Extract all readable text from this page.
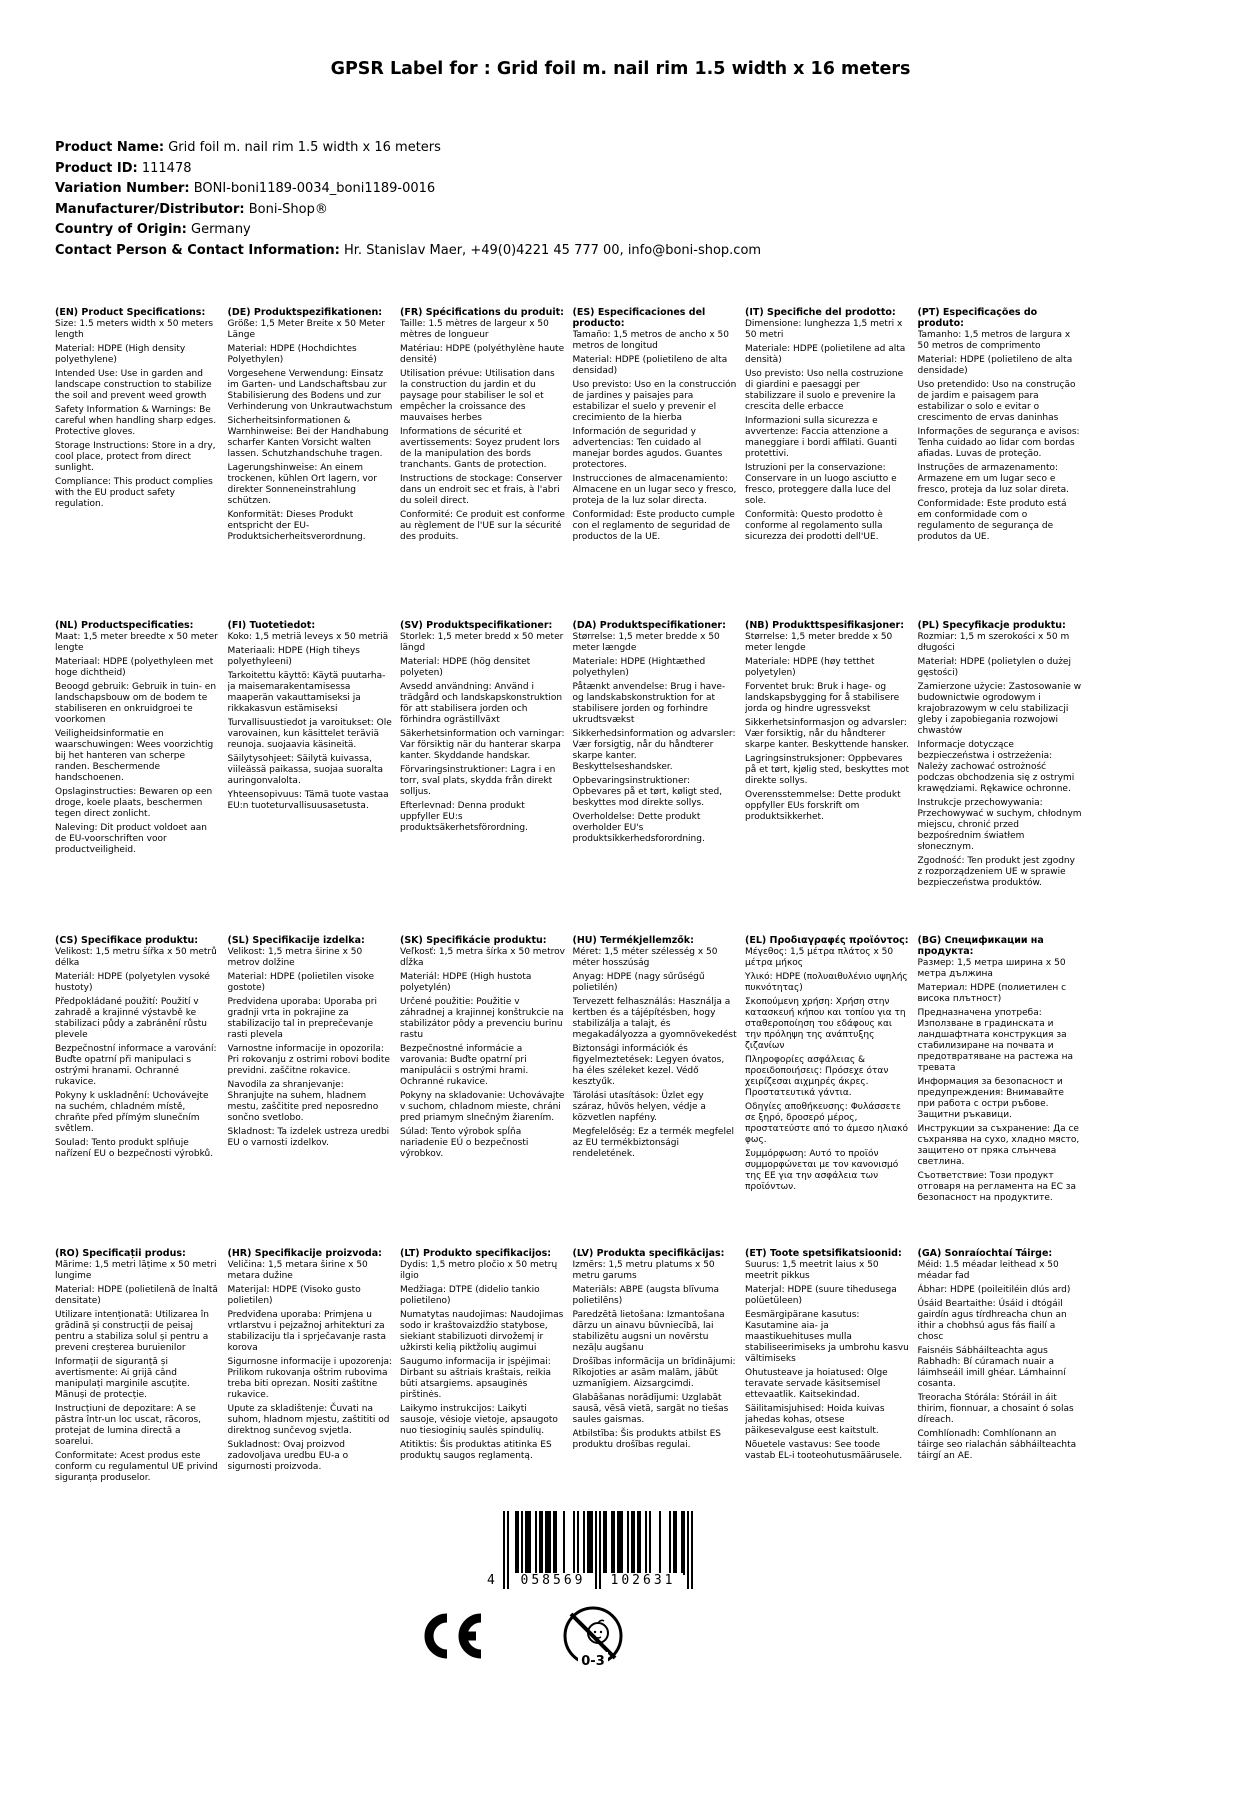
GPSR Label for : Grid foil m. nail rim 1.5 width x 16 meters
Product Name: Grid foil m. nail rim 1.5 width x 16 meters
Product ID: 111478
Variation Number: BONI-boni1189-0034_boni1189-0016
Manufacturer/Distributor: Boni-Shop®
Country of Origin: Germany
Contact Person & Contact Information: Hr. Stanislav Maer, +49(0)4221 45 777 00, info@boni-shop.com
(EN) Product Specifications:

Size: 1.5 meters width x 50 meters length

Material: HDPE (High density polyethylene)

Intended Use: Use in garden and landscape construction to stabilize the soil and prevent weed growth

Safety Information & Warnings: Be careful when handling sharp edges. Protective gloves.

Storage Instructions: Store in a dry, cool place, protect from direct sunlight.

Compliance: This product complies with the EU product safety regulation.

(DE) Produktspezifikationen:

Größe: 1,5 Meter Breite x 50 Meter Länge

Material: HDPE (Hochdichtes Polyethylen)

Vorgesehene Verwendung: Einsatz im Garten- und Landschaftsbau zur Stabilisierung des Bodens und zur Verhinderung von Unkrautwachstum

Sicherheitsinformationen & Warnhinweise: Bei der Handhabung scharfer Kanten Vorsicht walten lassen. Schutzhandschuhe tragen.

Lagerungshinweise: An einem trockenen, kühlen Ort lagern, vor direkter Sonneneinstrahlung schützen.

Konformität: Dieses Produkt entspricht der EU-Produktsicherheitsverordnung.

(FR) Spécifications du produit:

Taille: 1.5 mètres de largeur x 50 mètres de longueur

Matériau: HDPE (polyéthylène haute densité)

Utilisation prévue: Utilisation dans la construction du jardin et du paysage pour stabiliser le sol et empêcher la croissance des mauvaises herbes

Informations de sécurité et avertissements: Soyez prudent lors de la manipulation des bords tranchants. Gants de protection.

Instructions de stockage: Conserver dans un endroit sec et frais, à l'abri du soleil direct.

Conformité: Ce produit est conforme au règlement de l'UE sur la sécurité des produits.

(ES) Especificaciones del producto:

Tamaño: 1,5 metros de ancho x 50 metros de longitud

Material: HDPE (polietileno de alta densidad)

Uso previsto: Uso en la construcción de jardines y paisajes para estabilizar el suelo y prevenir el crecimiento de la hierba

Información de seguridad y advertencias: Ten cuidado al manejar bordes agudos. Guantes protectores.

Instrucciones de almacenamiento: Almacene en un lugar seco y fresco, proteja de la luz solar directa.

Conformidad: Este producto cumple con el reglamento de seguridad de productos de la UE.

(IT) Specifiche del prodotto:

Dimensione: lunghezza 1,5 metri x 50 metri

Materiale: HDPE (polietilene ad alta densità)

Uso previsto: Uso nella costruzione di giardini e paesaggi per stabilizzare il suolo e prevenire la crescita delle erbacce

Informazioni sulla sicurezza e avvertenze: Faccia attenzione a maneggiare i bordi affilati. Guanti protettivi.

Istruzioni per la conservazione: Conservare in un luogo asciutto e fresco, proteggere dalla luce del sole.

Conformità: Questo prodotto è conforme al regolamento sulla sicurezza dei prodotti dell'UE.

(PT) Especificações do produto:

Tamanho: 1,5 metros de largura x 50 metros de comprimento

Material: HDPE (polietileno de alta densidade)

Uso pretendido: Uso na construção de jardim e paisagem para estabilizar o solo e evitar o crescimento de ervas daninhas

Informações de segurança e avisos: Tenha cuidado ao lidar com bordas afiadas. Luvas de proteção.

Instruções de armazenamento: Armazene em um lugar seco e fresco, proteja da luz solar direta.

Conformidade: Este produto está em conformidade com o regulamento de segurança de produtos da UE.

(NL) Productspecificaties:

Maat: 1,5 meter breedte x 50 meter lengte

Materiaal: HDPE (polyethyleen met hoge dichtheid)

Beoogd gebruik: Gebruik in tuin- en landschapsbouw om de bodem te stabiliseren en onkruidgroei te voorkomen

Veiligheidsinformatie en waarschuwingen: Wees voorzichtig bij het hanteren van scherpe randen. Beschermende handschoenen.

Opslaginstructies: Bewaren op een droge, koele plaats, beschermen tegen direct zonlicht.

Naleving: Dit product voldoet aan de EU-voorschriften voor productveiligheid.

(FI) Tuotetiedot:

Koko: 1,5 metriä leveys x 50 metriä

Materiaali: HDPE (High tiheys polyethyleeni)

Tarkoitettu käyttö: Käytä puutarha- ja maisemarakentamisessa maaperän vakauttamiseksi ja rikkakasvun estämiseksi

Turvallisuustiedot ja varoitukset: Ole varovainen, kun käsittelet teräviä reunoja. suojaavia käsineitä.

Säilytysohjeet: Säilytä kuivassa, viileässä paikassa, suojaa suoralta auringonvalolta.

Yhteensopivuus: Tämä tuote vastaa EU:n tuoteturvallisuusasetusta.

(SV) Produktspecifikationer:

Storlek: 1,5 meter bredd x 50 meter längd

Material: HDPE (hög densitet polyeten)

Avsedd användning: Använd i trädgård och landskapskonstruktion för att stabilisera jorden och förhindra ogrästillväxt

Säkerhetsinformation och varningar: Var försiktig när du hanterar skarpa kanter. Skyddande handskar.

Förvaringsinstruktioner: Lagra i en torr, sval plats, skydda från direkt solljus.

Efterlevnad: Denna produkt uppfyller EU:s produktsäkerhetsförordning.

(DA) Produktspecifikationer:

Størrelse: 1,5 meter bredde x 50 meter længde

Materiale: HDPE (Hightæthed polyethylen)

Påtænkt anvendelse: Brug i have- og landskabskonstruktion for at stabilisere jorden og forhindre ukrudtsvækst

Sikkerhedsinformation og advarsler: Vær forsigtig, når du håndterer skarpe kanter. Beskyttelseshandsker.

Opbevaringsinstruktioner: Opbevares på et tørt, køligt sted, beskyttes mod direkte sollys.

Overholdelse: Dette produkt overholder EU's produktsikkerhedsforordning.

(NB) Produkttspesifikasjoner:

Størrelse: 1,5 meter bredde x 50 meter lengde

Materiale: HDPE (høy tetthet polyetylen)

Forventet bruk: Bruk i hage- og landskapsbygging for å stabilisere jorda og hindre ugressvekst

Sikkerhetsinformasjon og advarsler: Vær forsiktig, når du håndterer skarpe kanter. Beskyttende hansker.

Lagringsinstruksjoner: Oppbevares på et tørt, kjølig sted, beskyttes mot direkte sollys.

Overensstemmelse: Dette produkt oppfyller EUs forskrift om produktsikkerhet.

(PL) Specyfikacje produktu:

Rozmiar: 1,5 m szerokości x 50 m długości

Materiał: HDPE (polietylen o dużej gęstości)

Zamierzone użycie: Zastosowanie w budownictwie ogrodowym i krajobrazowym w celu stabilizacji gleby i zapobiegania rozwojowi chwastów

Informacje dotyczące bezpieczeństwa i ostrzeżenia: Należy zachować ostrożność podczas obchodzenia się z ostrymi krawędziami. Rękawice ochronne.

Instrukcje przechowywania: Przechowywać w suchym, chłodnym miejscu, chronić przed bezpośrednim światłem słonecznym.

Zgodność: Ten produkt jest zgodny z rozporządzeniem UE w sprawie bezpieczeństwa produktów.

(CS) Specifikace produktu:

Velikost: 1,5 metru šířka x 50 metrů délka

Materiál: HDPE (polyetylen vysoké hustoty)

Předpokládané použití: Použití v zahradě a krajinné výstavbě ke stabilizaci půdy a zabránění růstu plevele

Bezpečnostní informace a varování: Buďte opatrní při manipulaci s ostrými hranami. Ochranné rukavice.

Pokyny k uskladnění: Uchovávejte na suchém, chladném místě, chraňte před přímým slunečním světlem.

Soulad: Tento produkt splňuje nařízení EU o bezpečnosti výrobků.

(SL) Specifikacije izdelka:

Velikost: 1,5 metra širine x 50 metrov dolžine

Material: HDPE (polietilen visoke gostote)

Predvidena uporaba: Uporaba pri gradnji vrta in pokrajine za stabilizacijo tal in preprečevanje rasti plevela

Varnostne informacije in opozorila: Pri rokovanju z ostrimi robovi bodite previdni. zaščitne rokavice.

Navodila za shranjevanje: Shranjujte na suhem, hladnem mestu, zaščitite pred neposredno sončno svetlobo.

Skladnost: Ta izdelek ustreza uredbi EU o varnosti izdelkov.

(SK) Špecifikácie produktu:

Veľkosť: 1,5 metra šírka x 50 metrov dĺžka

Materiál: HDPE (High hustota polyetylén)

Určené použitie: Použitie v záhradnej a krajinnej konštrukcie na stabilizátor pôdy a prevenciu burinu rastu

Bezpečnostné informácie a varovania: Buďte opatrní pri manipulácii s ostrými hrami. Ochranné rukavice.

Pokyny na skladovanie: Uchovávajte v suchom, chladnom mieste, chráni pred priamym slnečným žiarením.

Súlad: Tento výrobok spĺňa nariadenie EÚ o bezpečnosti výrobkov.

(HU) Termékjellemzők:

Méret: 1,5 méter szélesség x 50 méter hosszúság

Anyag: HDPE (nagy sűrűségű polietilén)

Tervezett felhasználás: Használja a kertben és a tájépítésben, hogy stabilizálja a talajt, és megakadályozza a gyomnövekedést

Biztonsági információk és figyelmeztetések: Legyen óvatos, ha éles széleket kezel. Védő kesztyűk.

Tárolási utasítások: Üzlet egy száraz, hűvös helyen, védje a közvetlen napfény.

Megfelelőség: Ez a termék megfelel az EU termékbiztonsági rendeletének.

(EL) Προδιαγραφές προϊόντος:

Μέγεθος: 1,5 μέτρα πλάτος x 50 μέτρα μήκος

Υλικό: HDPE (πολυαιθυλένιο υψηλής πυκνότητας)

Σκοπούμενη χρήση: Χρήση στην κατασκευή κήπου και τοπίου για τη σταθεροποίηση του εδάφους και την πρόληψη της ανάπτυξης ζιζανίων

Πληροφορίες ασφάλειας & προειδοποιήσεις: Πρόσεχε όταν χειρίζεσαι αιχμηρές άκρες. Προστατευτικά γάντια.

Οδηγίες αποθήκευσης: Φυλάσσετε σε ξηρό, δροσερό μέρος, προστατεύστε από το άμεσο ηλιακό φως.

Συμμόρφωση: Αυτό το προϊόν συμμορφώνεται με τον κανονισμό της ΕΕ για την ασφάλεια των προϊόντων.

(BG) Спецификации на продукта:

Размер: 1,5 метра ширина x 50 метра дължина

Материал: HDPE (полиетилен с висока плътност)

Предназначена употреба: Използване в градинската и ландшафтната конструкция за стабилизиране на почвата и предотвратяване на растежа на тревата

Информация за безопасност и предупреждения: Внимавайте при работа с остри ръбове. Защитни ръкавици.

Инструкции за съхранение: Да се съхранява на сухо, хладно място, защитено от пряка слънчева светлина.

Съответствие: Този продукт отговаря на регламента на ЕС за безопасност на продуктите.

(RO) Specificații produs:

Mărime: 1,5 metri lățime x 50 metri lungime

Material: HDPE (polietilenă de înaltă densitate)

Utilizare intenționată: Utilizarea în grădină și construcții de peisaj pentru a stabiliza solul și pentru a preveni creșterea buruienilor

Informații de siguranță și avertismente: Ai grijă când manipulați marginile ascuțite. Mănuși de protecție.

Instrucțiuni de depozitare: A se păstra într-un loc uscat, răcoros, protejat de lumina directă a soarelui.

Conformitate: Acest produs este conform cu regulamentul UE privind siguranța produselor.

(HR) Specifikacije proizvoda:

Veličina: 1,5 metara širine x 50 metara dužine

Materijal: HDPE (Visoko gusto polietilen)

Predviđena uporaba: Primjena u vrtlarstvu i pejzažnoj arhitekturi za stabilizaciju tla i sprječavanje rasta korova

Sigurnosne informacije i upozorenja: Prilikom rukovanja oštrim rubovima treba biti oprezan. Nositi zaštitne rukavice.

Upute za skladištenje: Čuvati na suhom, hladnom mjestu, zaštititi od direktnog sunčevog svjetla.

Sukladnost: Ovaj proizvod zadovoljava uredbu EU-a o sigurnosti proizvoda.

(LT) Produkto specifikacijos:

Dydis: 1,5 metro pločio x 50 metrų ilgio

Medžiaga: DTPE (didelio tankio polietileno)

Numatytas naudojimas: Naudojimas sodo ir kraštovaizdžio statybose, siekiant stabilizuoti dirvožemį ir užkirsti kelią piktžolių augimui

Saugumo informacija ir įspėjimai: Dirbant su aštriais kraštais, reikia būti atsargiems. apsauginės pirštinės.

Laikymo instrukcijos: Laikyti sausoje, vėsioje vietoje, apsaugoto nuo tiesioginių saulės spindulių.

Atitiktis: Šis produktas atitinka ES produktų saugos reglamentą.

(LV) Produkta specifikācijas:

Izmērs: 1,5 metru platums x 50 metru garums

Materiāls: ABPE (augsta blīvuma polietilēns)

Paredzētā lietošana: Izmantošana dārzu un ainavu būvniecībā, lai stabilizētu augsni un novērstu nezāļu augšanu

Drošības informācija un brīdinājumi: Rīkojoties ar asām malām, jābūt uzmanīgiem. Aizsargcimdi.

Glabāšanas norādījumi: Uzglabāt sausā, vēsā vietā, sargāt no tiešas saules gaismas.

Atbilstība: Šis produkts atbilst ES produktu drošības regulai.

(ET) Toote spetsifikatsioonid:

Suurus: 1,5 meetrit laius x 50 meetrit pikkus

Materjal: HDPE (suure tihedusega polüetüleen)

Eesmärgipärane kasutus: Kasutamine aia- ja maastikuehituses mulla stabiliseerimiseks ja umbrohu kasvu vältimiseks

Ohutusteave ja hoiatused: Olge teravate servade käsitsemisel ettevaatlik. Kaitsekindad.

Säilitamisjuhised: Hoida kuivas jahedas kohas, otsese päikesevalguse eest kaitstult.

Nõuetele vastavus: See toode vastab EL-i tooteohutusmäärusele.

(GA) Sonraíochtaí Táirge:

Méid: 1.5 méadar leithead x 50 méadar fad

Ábhar: HDPE (poileitiléin dlús ard)

Úsáid Beartaithe: Úsáid i dtógáil gairdín agus tírdhreacha chun an ithir a chobhsú agus fás fiailí a chosc

Faisnéis Sábháilteachta agus Rabhadh: Bí cúramach nuair a láimhseáil imill ghéar. Lámhainní cosanta.

Treoracha Stórála: Stóráil in áit thirim, fionnuar, a chosaint ó solas díreach.

Comhlíonadh: Comhlíonann an táirge seo rialachán sábháilteachta táirgí an AE.

4	058569	102631
0-3
